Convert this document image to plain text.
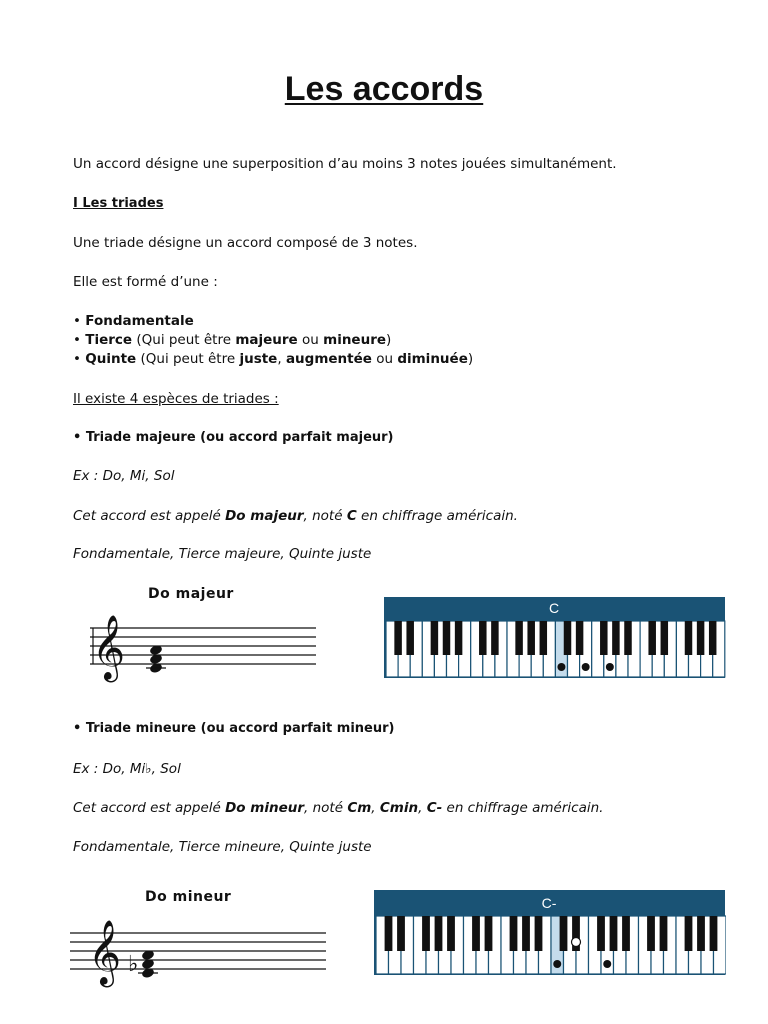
Les accords
Un accord désigne une superposition d’au moins 3 notes jouées simultanément.
I Les triades
Une triade désigne un accord composé de 3 notes.
Elle est formé d’une :
• Fondamentale
• Tierce (Qui peut être majeure ou mineure)
• Quinte (Qui peut être juste, augmentée ou diminuée)
Il existe 4 espèces de triades :
• Triade majeure (ou accord parfait majeur)
Ex : Do, Mi, Sol
Cet accord est appelé Do majeur, noté C en chiffrage américain.
Fondamentale, Tierce majeure, Quinte juste
Do majeur
𝄞
C
• Triade mineure (ou accord parfait mineur)
Ex : Do, Mi♭, Sol
Cet accord est appelé Do mineur, noté Cm, Cmin, C- en chiffrage américain.
Fondamentale, Tierce mineure, Quinte juste
Do mineur
𝄞 ♭
C-
